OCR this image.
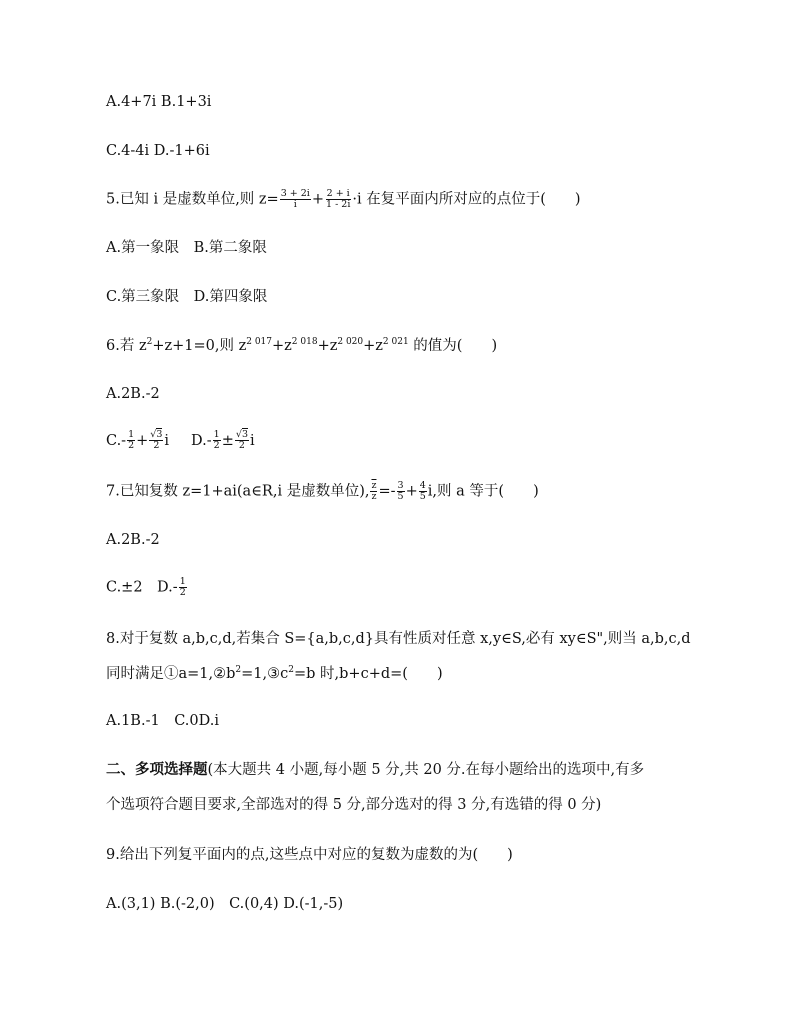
A.4+7i B.1+3i
C.4-4i D.-1+6i
5.已知 i 是虚数单位,则 $z= \frac{3 + 2i}{i} + \frac{2 + i}{1 - 2i} \cdot i$ 在复平面内所对应的点位于(  )
A.第一象限 B.第二象限
C.第三象限 D.第四象限
6.若 $z^2+z+1=0$,则 $z^{2 017}+z^{2 018}+z^{2 020}+z^{2 021}$ 的值为(  )
A.2B.-2
$C.- \frac{1}{2} + \frac{√3}{2}$ i $D.- \frac{1}{2} \pm \frac{√3}{2}$ i
7.已知复数 z=1+ai(a∈R,i 是虚数单位), $\frac{\overline{z}}{z} =- \frac{3}{5} + \frac{4}{5} i$,则 a 等于(  )
A.2B.-2
C.±2 $D.- \frac{1}{2}$
8.对于复数 a,b,c,d,若集合 S={a,b,c,d}具有性质对任意 x,y∈S,必有 xy∈S",则当 a,b,c,d
同时满足$①a=1,②b^2=1,③c^2=b$ 时,b+c+d=(  )
A.1B.-1 C.0D.i
二、多项选择题(本大题共 4 小题,每小题 5 分,共 20 分.在每小题给出的选项中,有多
个选项符合题目要求,全部选对的得 5 分,部分选对的得 3 分,有选错的得 0 分)
9.给出下列复平面内的点,这些点中对应的复数为虚数的为(  )
A.(3,1) B.(-2,0) C.(0,4) D.(-1,-5)
